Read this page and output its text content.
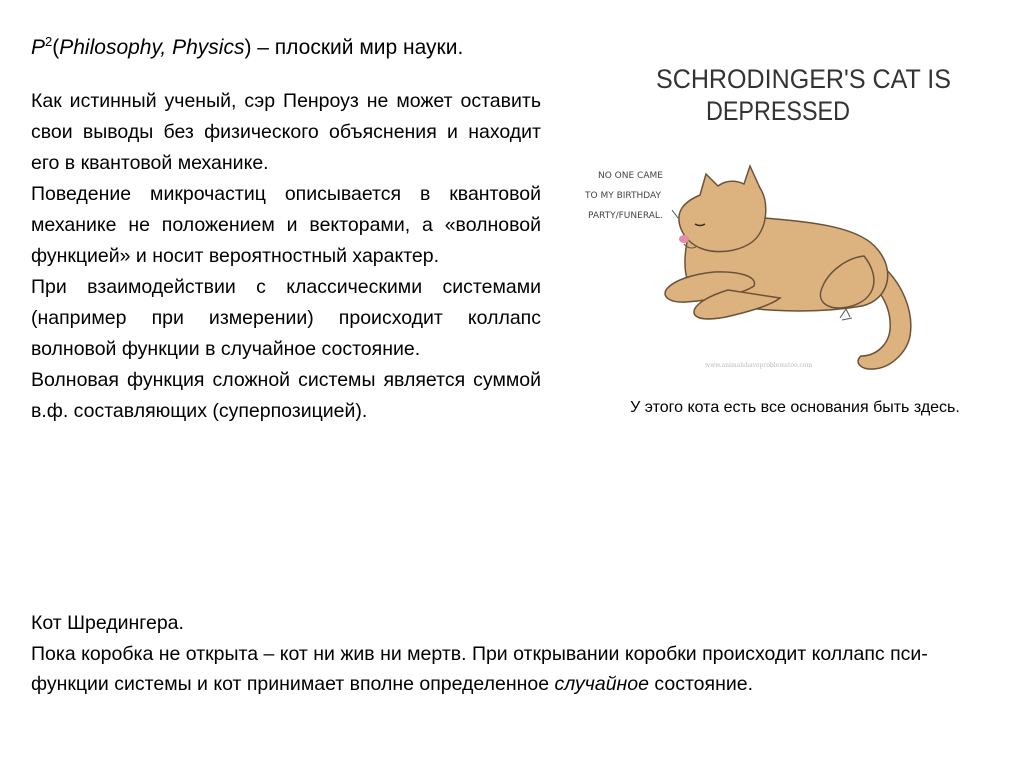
$P^2(Philosophy$, Physics) – плоский мир науки.

Как истинный ученый, сэр Пенроуз не может оставить свои выводы без физического объяснения и находит его в квантовой механике.

Поведение микрочастиц описывается в квантовой механике не положением и векторами, а «волновой функцией» и носит вероятностный характер.

При взаимодействии с классическими системами (например при измерении) происходит коллапс волновой функции в случайное состояние.

Волновая функция сложной системы является суммой в.ф. составляющих (суперпозицией).

SCHRODINGER'S CAT IS
DEPRESSED
NO ONE CAME
TO MY BIRTHDAY
PARTY/FUNERAL.
www.animalshaveproblemstoo.com
У этого кота есть все основания быть здесь.

Кот Шредингера.

Пока коробка не открыта – кот ни жив ни мертв. При открывании коробки происходит коллапс пси-функции системы и кот принимает вполне определенное случайное состояние.
